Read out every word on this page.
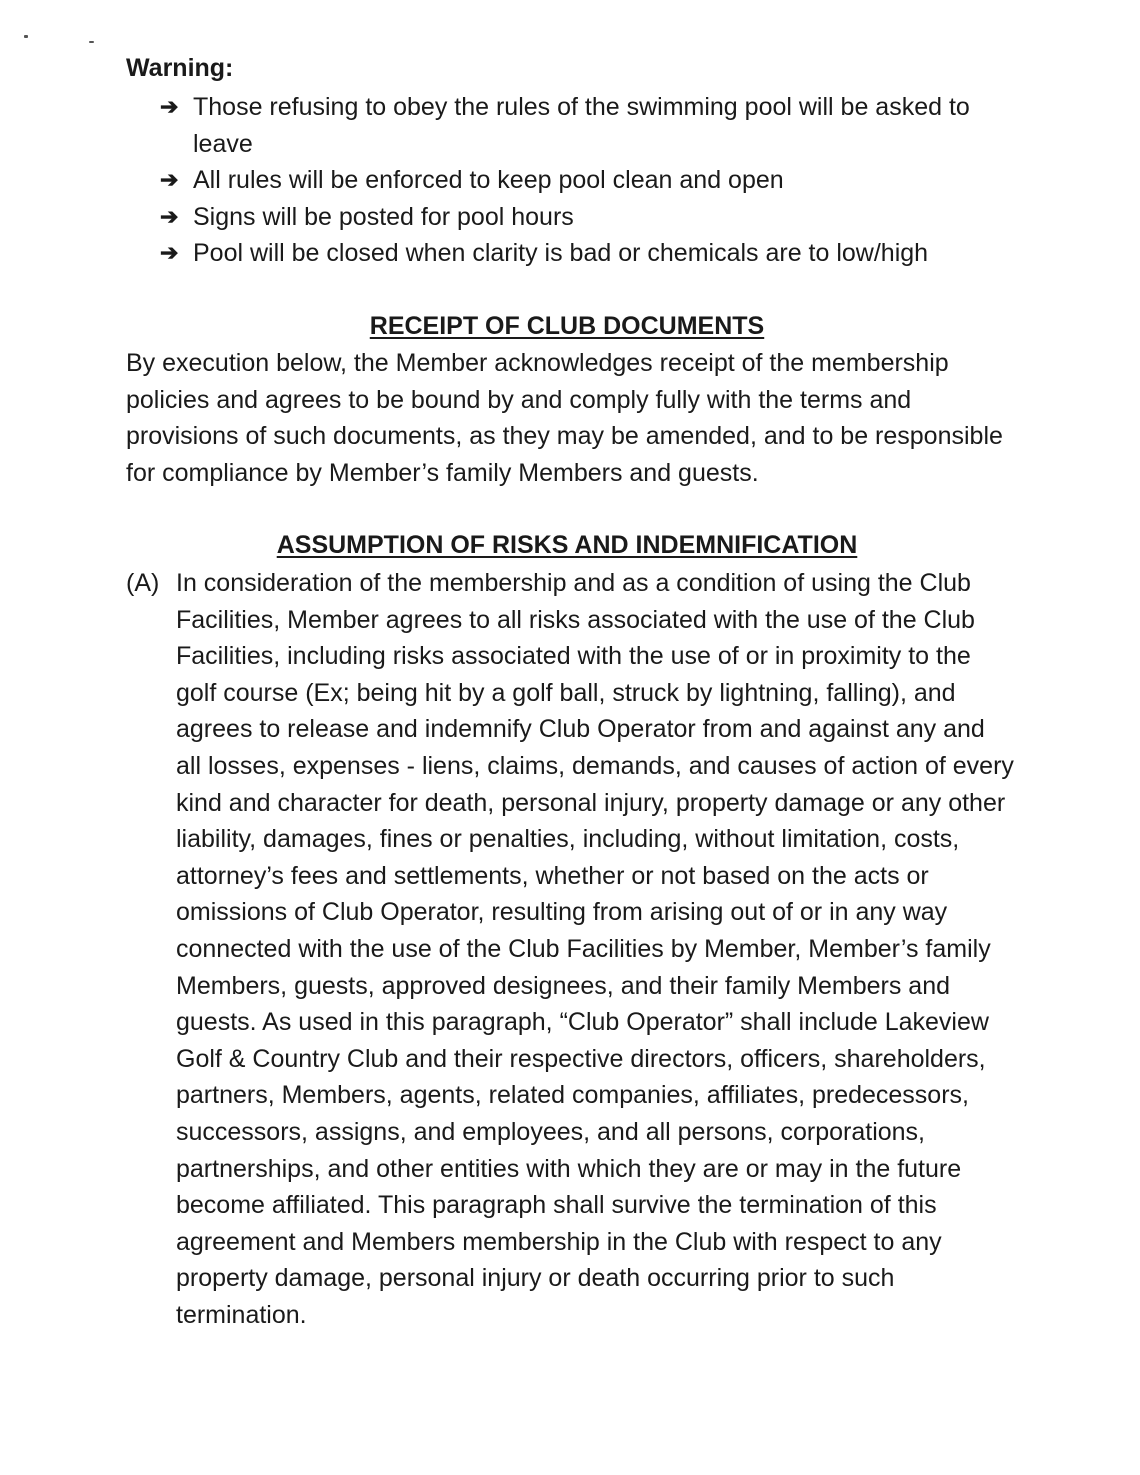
Warning:
➔ Those refusing to obey the rules of the swimming pool will be asked to leave
➔ All rules will be enforced to keep pool clean and open
➔ Signs will be posted for pool hours
➔ Pool will be closed when clarity is bad or chemicals are to low/high
RECEIPT OF CLUB DOCUMENTS

By execution below, the Member acknowledges receipt of the membership policies and agrees to be bound by and comply fully with the terms and provisions of such documents, as they may be amended, and to be responsible for compliance by Member’s family Members and guests.

ASSUMPTION OF RISKS AND INDEMNIFICATION
(A) In consideration of the membership and as a condition of using the Club Facilities, Member agrees to all risks associated with the use of the Club Facilities, including risks associated with the use of or in proximity to the golf course (Ex; being hit by a golf ball, struck by lightning, falling), and agrees to release and indemnify Club Operator from and against any and all losses, expenses - liens, claims, demands, and causes of action of every kind and character for death, personal injury, property damage or any other liability, damages, fines or penalties, including, without limitation, costs, attorney’s fees and settlements, whether or not based on the acts or omissions of Club Operator, resulting from arising out of or in any way connected with the use of the Club Facilities by Member, Member’s family Members, guests, approved designees, and their family Members and guests. As used in this paragraph, “Club Operator” shall include Lakeview Golf & Country Club and their respective directors, officers, shareholders, partners, Members, agents, related companies, affiliates, predecessors, successors, assigns, and employees, and all persons, corporations, partnerships, and other entities with which they are or may in the future become affiliated. This paragraph shall survive the termination of this agreement and Members membership in the Club with respect to any property damage, personal injury or death occurring prior to such termination.
